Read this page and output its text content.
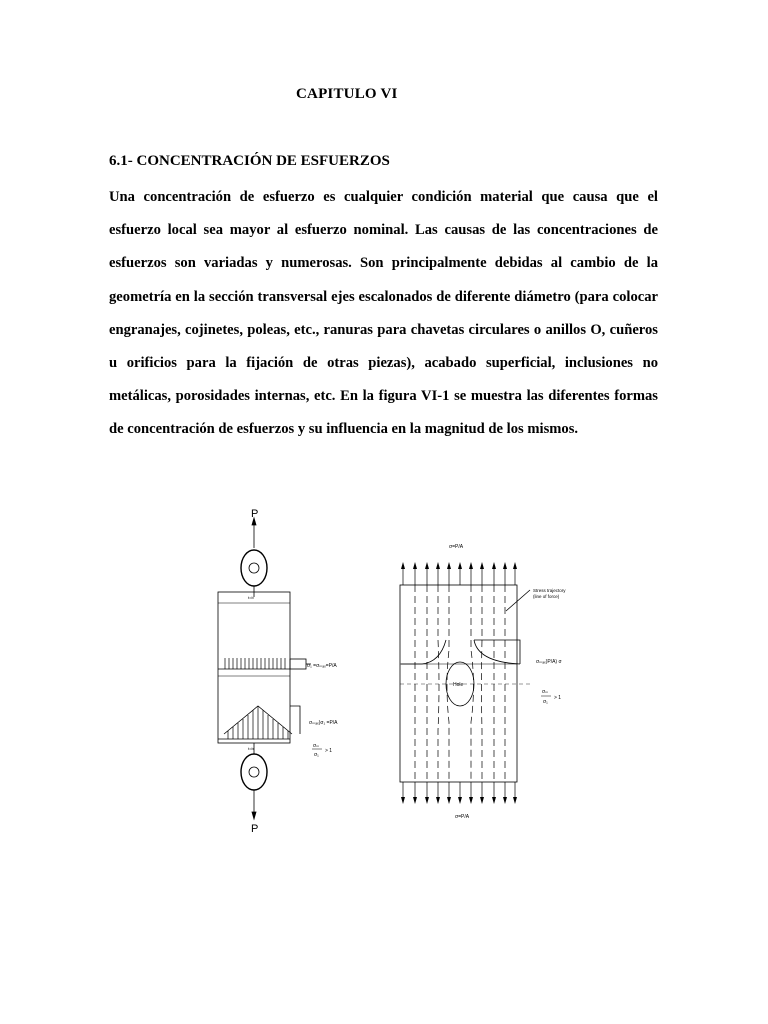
CAPITULO VI
6.1- CONCENTRACIÓN DE ESFUERZOS
Una concentración de esfuerzo es cualquier condición material que causa que el esfuerzo local sea mayor al esfuerzo nominal. Las causas de las concentraciones de esfuerzos son variadas y numerosas. Son principalmente debidas al cambio de la geometría en la sección transversal ejes escalonados de diferente diámetro (para colocar engranajes, cojinetes, poleas, etc., ranuras para chavetas circulares o anillos O, cuñeros u orificios para la fijación de otras piezas), acabado superficial, inclusiones no metálicas, porosidades internas, etc. En la figura VI-1 se muestra las diferentes formas de concentración de esfuerzos y su influencia en la magnitud de los mismos.
P
P
t=b
t=b
σ₁ =σₘₐₓ=P/A
σₘₐₓ)σ₁ =P/A
σₘ
σ₁
> 1
σ=P/A
σ=P/A
Stress trajectory
(line of force)
Hole
σₘₐₓ)P/A) σ
σₘ
σ₁
> 1
